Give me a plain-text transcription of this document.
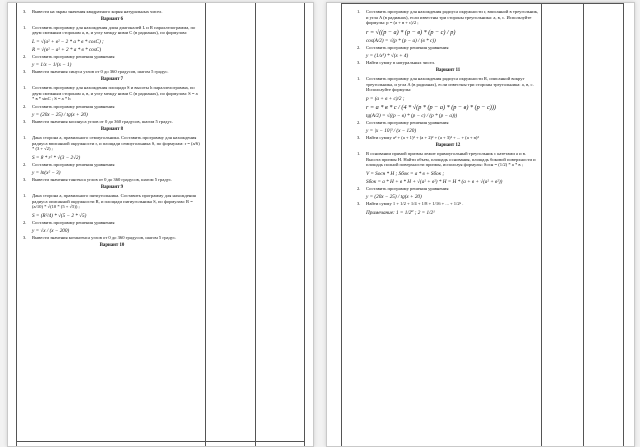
3.	Вывести на экран значения квадратного корня натуральных чисел.
Вариант 6
1.	Составить программу для нахождения длин диагоналей L и R параллелограмма, по двум смежным сторонам a, в, и углу между ними C (в радианах), по формулам:
L = √(a² + в² − 2 * a * в * cosC) ;
R = √(в² − a² + 2 * a * в * cosC)
2.	Составить программу решения уравнения
y = 1/x − 1/(x − 1)
3.	Вывести значения синуса углов от 0 до 360 градусов, шагом 5 градус.
Вариант 7
1.	Составить программу для нахождения площади S и высоты h параллелограмма, по двум смежным сторонам a, в, и углу между ними C (в радианах), по формулам: S = a * в * sinC ; S = a * h
2.	Составить программу решения уравнения
y = (20x − 25) / tg(x + 20)
3.	Вывести значения косинуса углов от 0 до 360 градусов, шагом 5 градус.
Вариант 8
1.	Дана сторона a, правильного семиугольника. Составить программу для нахождения радиуса вписанной окружности r, и площади семиугольника S, по формулам: r = (a/6) * (3 + √2) ;
S = 8 * r² * √(3 − 2√2)
2.	Составить программу решения уравнения
y = ln(x² − 3)
3.	Вывести значения тангенса углов от 0 до 360 градусов, шагом 5 градус.
Вариант 9
1.	Дана сторона a, правильного пятиугольника. Составить программу для нахождения радиуса описанной окружности R, и площади пятиугольника S, по формулам: R = (a/10) * √(10 * (5 + √5)) ;
S = (R²/4) * √(5 − 2 * √5)
2.	Составить программу решения уравнения
y = √x / (x − 200)
3.	Вывести значения котангенса углов от 0 до 360 градусов, шагом 5 градус.
Вариант 10
1.	Составить программу для нахождения радиуса окружности r, вписанной в треугольник, и угла A (в радианах), если известны три стороны треугольника: a, в, с. Используйте формулы: p = (a + в + c)/2 ;
r = √((p − a) * (p − в) * (p − c) / p)
cos(A/2) = √(p * (p − a) / (в * c))
2.	Составить программу решения уравнения
y = (1/x³) * √(x + 4)
3.	Найти сумму n натуральных чисел.
Вариант 11
1.	Составить программу для нахождения радиуса окружности R, описанной вокруг треугольника, и угла A (в радианах), если известны три стороны треугольника: a, в, с. Используйте формулы:
p = (a + в + c)/2 ;
r = a * в * c / (4 * √(p * (p − a) * (p − в) * (p − c)))
tg(A/2) = √((p − в) * (p − c) / (p * (p − a)))
2.	Составить программу решения уравнения
y = |x − 10|³ / (x − 120)
3.	Найти сумму a² + (a + 1)² + (a + 2)² + (a + 3)² + ... + (a + n)²
Вариант 12
1.	В основании прямой призмы лежит прямоугольный треугольник с катетами a и в. Высота призмы H. Найти объем, площадь основания, площадь боковой поверхности и площадь полной поверхности призмы, используя формулы: Sосн = (1/2) * a * в ;
V = Sосн * H ; Sбок = a * в + Sбок ;
Sбок = a * H + в * H + √(a² + в²) * H = H * (a + в + √(a² + в²))
2.	Составить программу решения уравнения
y = (20x − 25) / tg(x + 20)
3.	Найти сумму 1 + 1/2 + 1/4 + 1/8 + 1/16 + ... + 1/2ⁿ .
Примечание: 1 = 1/2⁰ ; 2 = 1/2¹
